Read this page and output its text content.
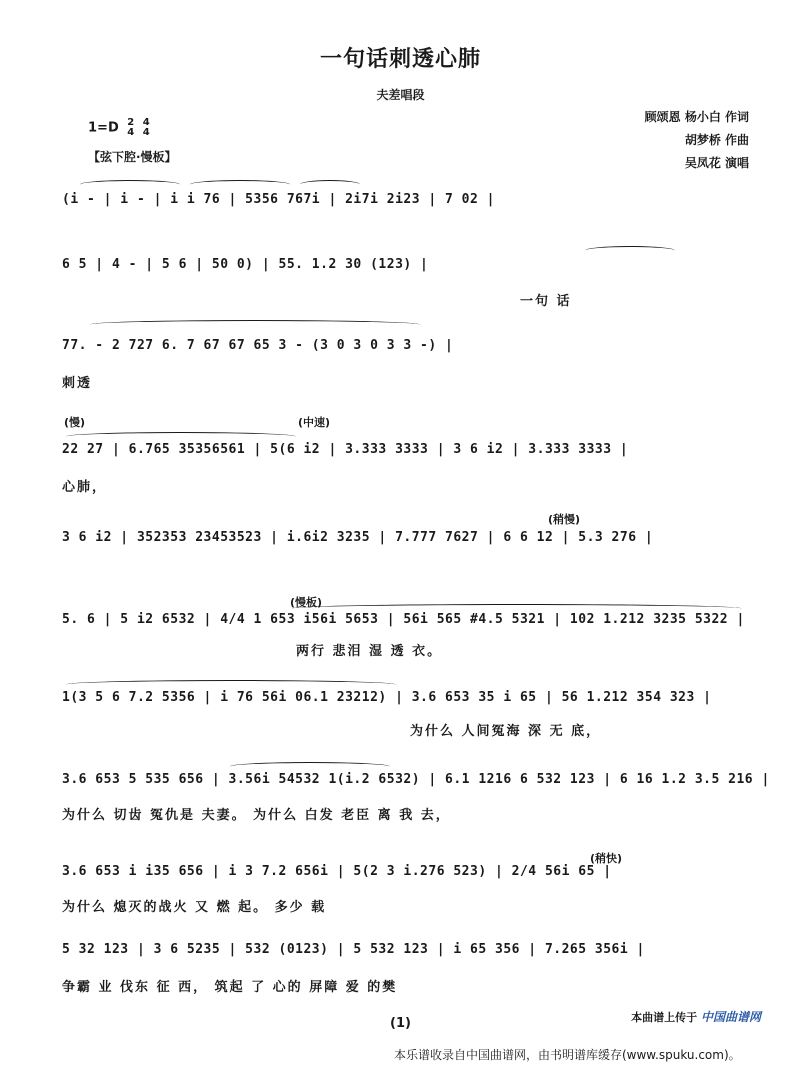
一句话刺透心肺
夫差唱段
顾颂恩 杨小白 作词
胡梦桥 作曲
吴凤花 演唱
1=D 2
4

4
4
【弦下腔·慢板】
(i - | i - | i i 76 | 5356 767i | 2i7i 2i23 | 7 02 |
6 5 | 4 - | 5 6 | 50 0) | 55. 1.2 30 (123) |
一句 话
77. - 2 727 6. 7 67 67 65 3 - (3 0 3 0 3 3 -) |
刺透
(慢)	(中速)
22 27 | 6.765 35356561 | 5(6 i2 | 3.333 3333 | 3 6 i2 | 3.333 3333 |
心肺，
(稍慢)
3 6 i2 | 352353 23453523 | i.6i2 3235 | 7.777 7627 | 6 6 12 | 5.3 276 |
(慢板)
5. 6 | 5 i2 6532 | 4/4 1 653 i56i 5653 | 56i 565 #4.5 5321 | 102 1.212 3235 5322 |
两行 悲泪 湿 透 衣。
1(3 5 6 7.2 5356 | i 76 56i 06.1 23212) | 3.6 653 35 i 65 | 56 1.212 354 323 |
为什么 人间冤海 深 无 底，
3.6 653 5 535 656 | 3.56i 54532 1(i.2 6532) | 6.1 1216 6 532 123 | 6 16 1.2 3.5 216 |
为什么 切齿 冤仇是 夫妻。 为什么 白发 老臣 离 我 去，
(稍快)
3.6 653 i i35 656 | i 3 7.2 656i | 5(2 3 i.276 523) | 2/4 56i 65 |
为什么 熄灭的战火 又 燃 起。 多少 载
5 32 123 | 3 6 5235 | 532 (0123) | 5 532 123 | i 65 356 | 7.265 356i |
争霸 业 伐东 征 西， 筑起 了 心的 屏障 爱 的樊
(1)	本曲谱上传于 中国曲谱网
本乐谱收录自中国曲谱网，由书明谱库缓存(www.spuku.com)。
